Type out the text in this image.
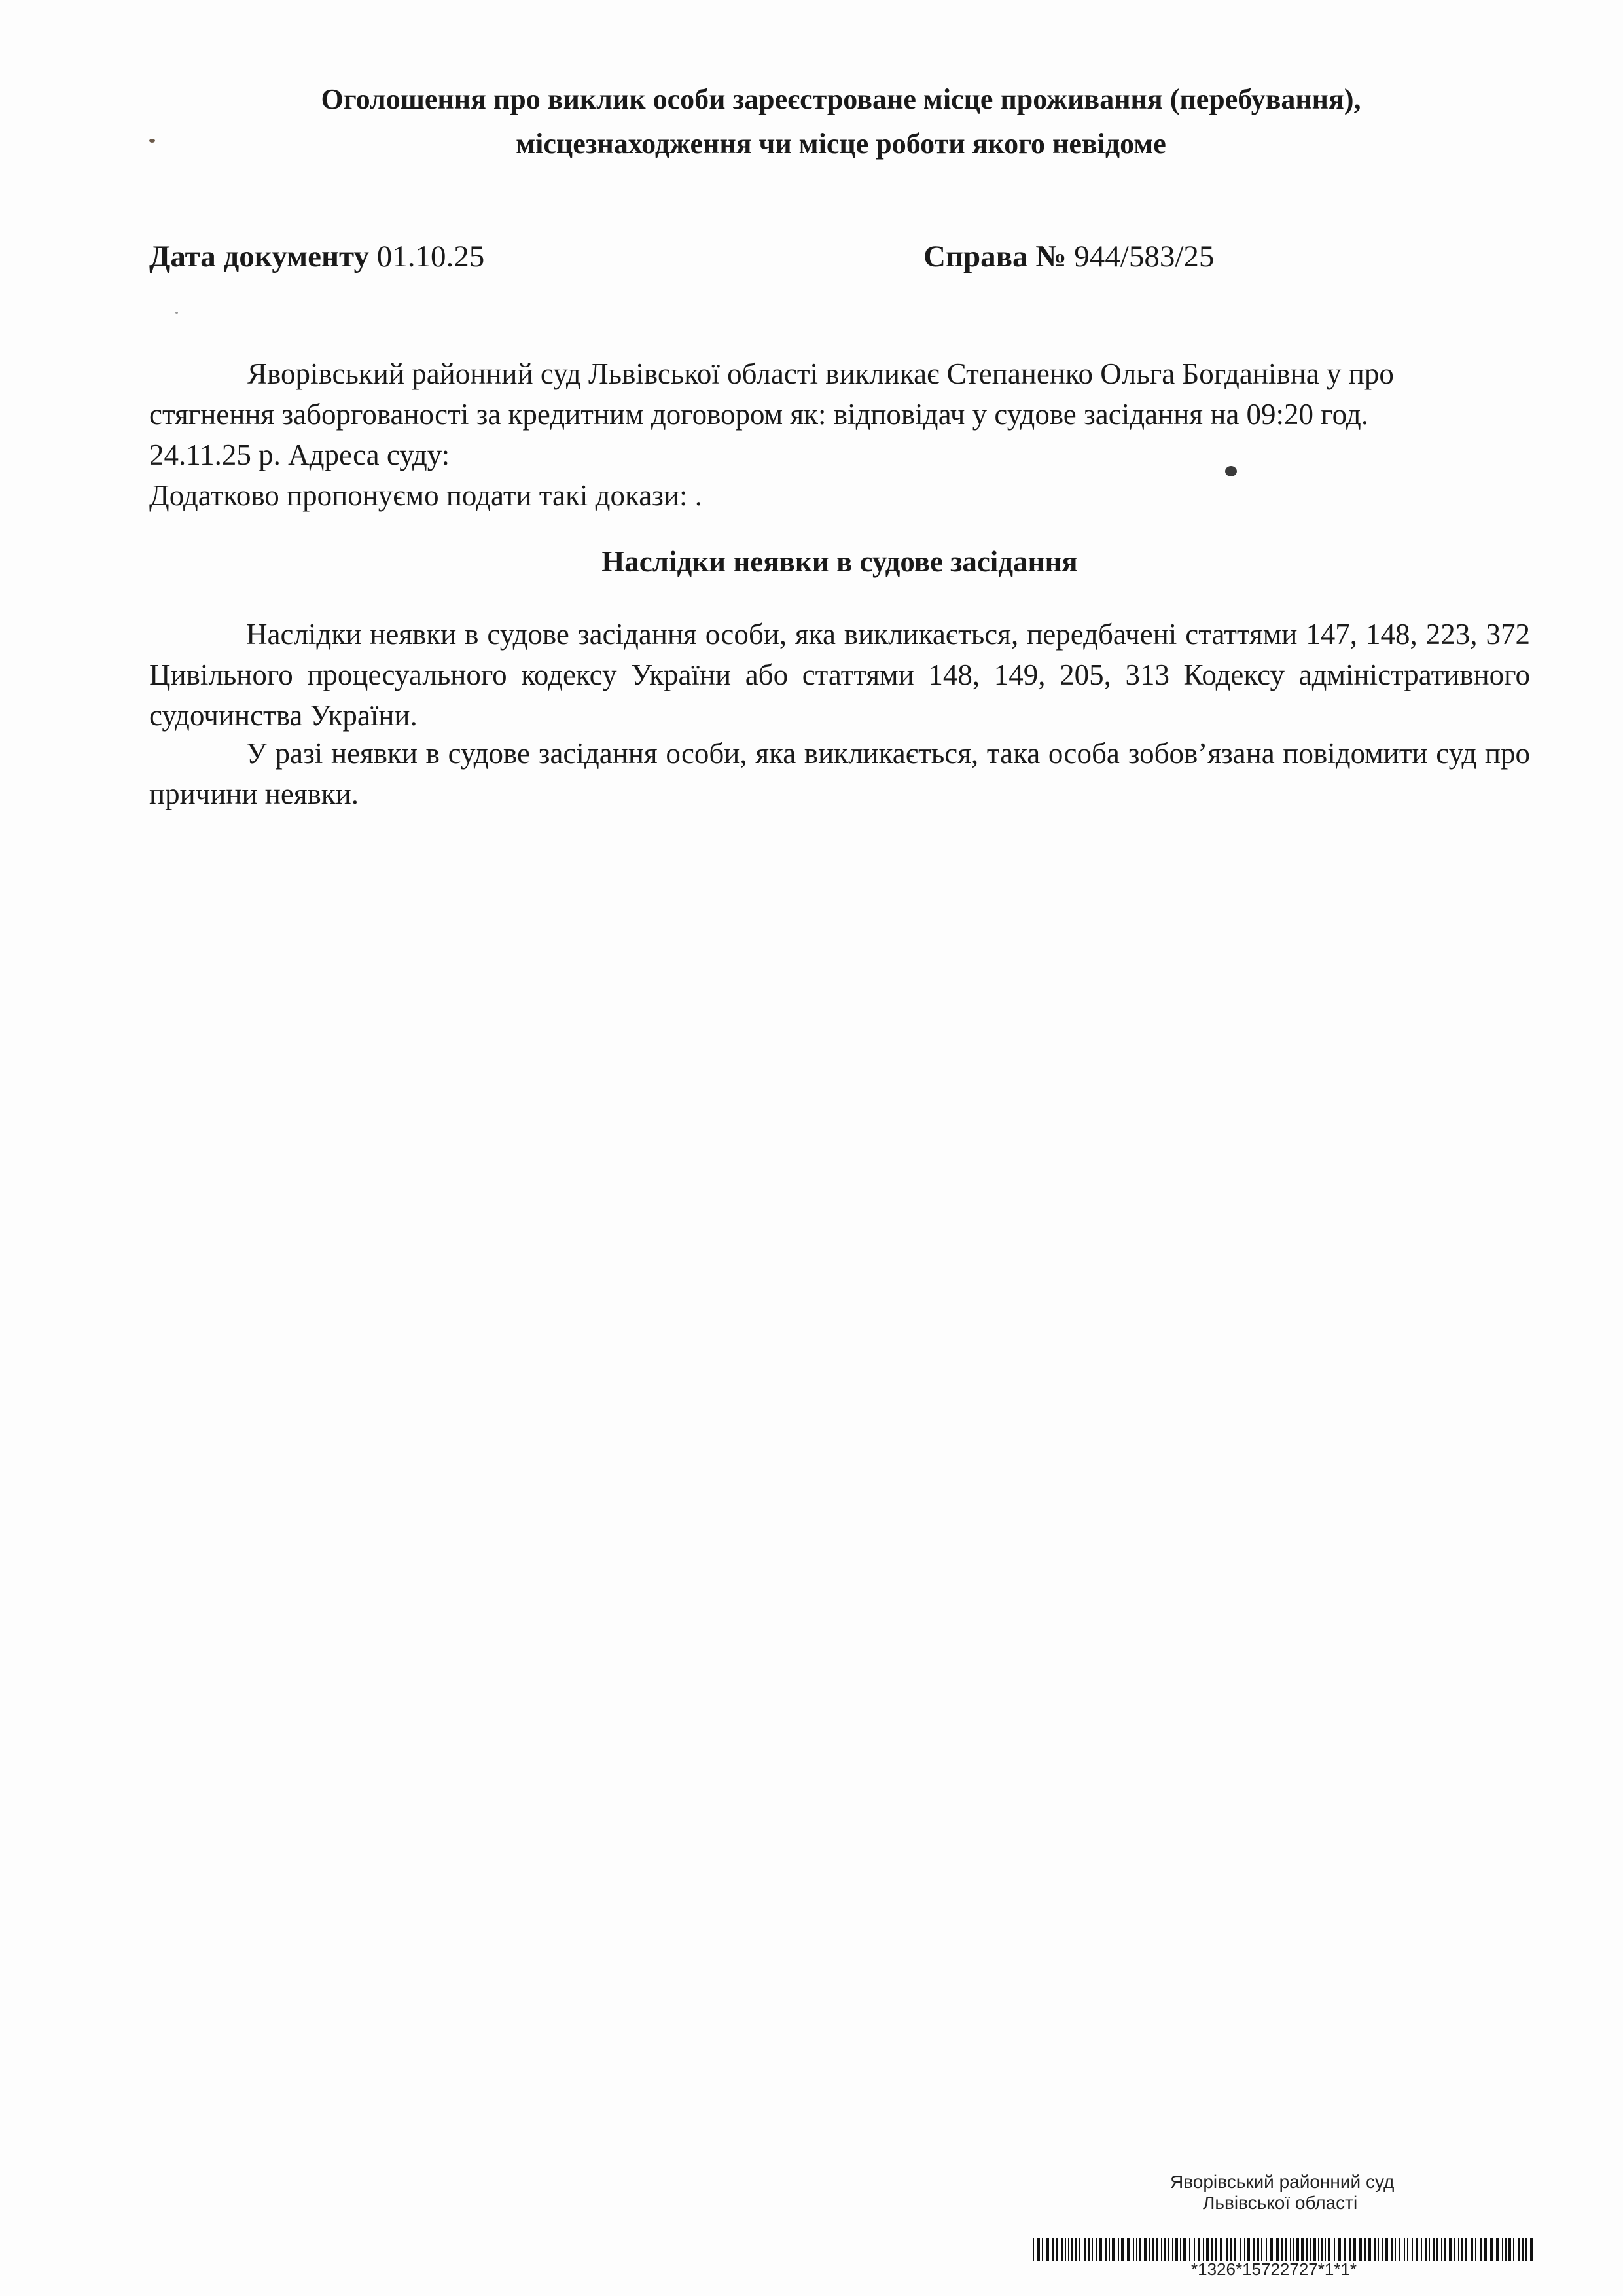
Оголошення про виклик особи зареєстроване місце проживання (перебування),
місцезнаходження чи місце роботи якого невідоме
Дата документу 01.10.25	Справа № 944/583/25
Яворівський районний суд Львівської області викликає Степаненко Ольга Богданівна у про
стягнення заборгованості за кредитним договором як: відповідач у судове засідання на 09:20 год.
24.11.25 р. Адреса суду:
Додатково пропонуємо подати такі докази: .
Наслідки неявки в судове засідання
Наслідки неявки в судове засідання особи, яка викликається, передбачені статтями 147, 148, 223, 372 Цивільного процесуального кодексу України або статтями 148, 149, 205, 313 Кодексу адміністративного судочинства України.
У разі неявки в судове засідання особи, яка викликається, така особа зобов’язана повідомити суд про причини неявки.
Яворівський районний суд
Львівської області
*1326*15722727*1*1*
